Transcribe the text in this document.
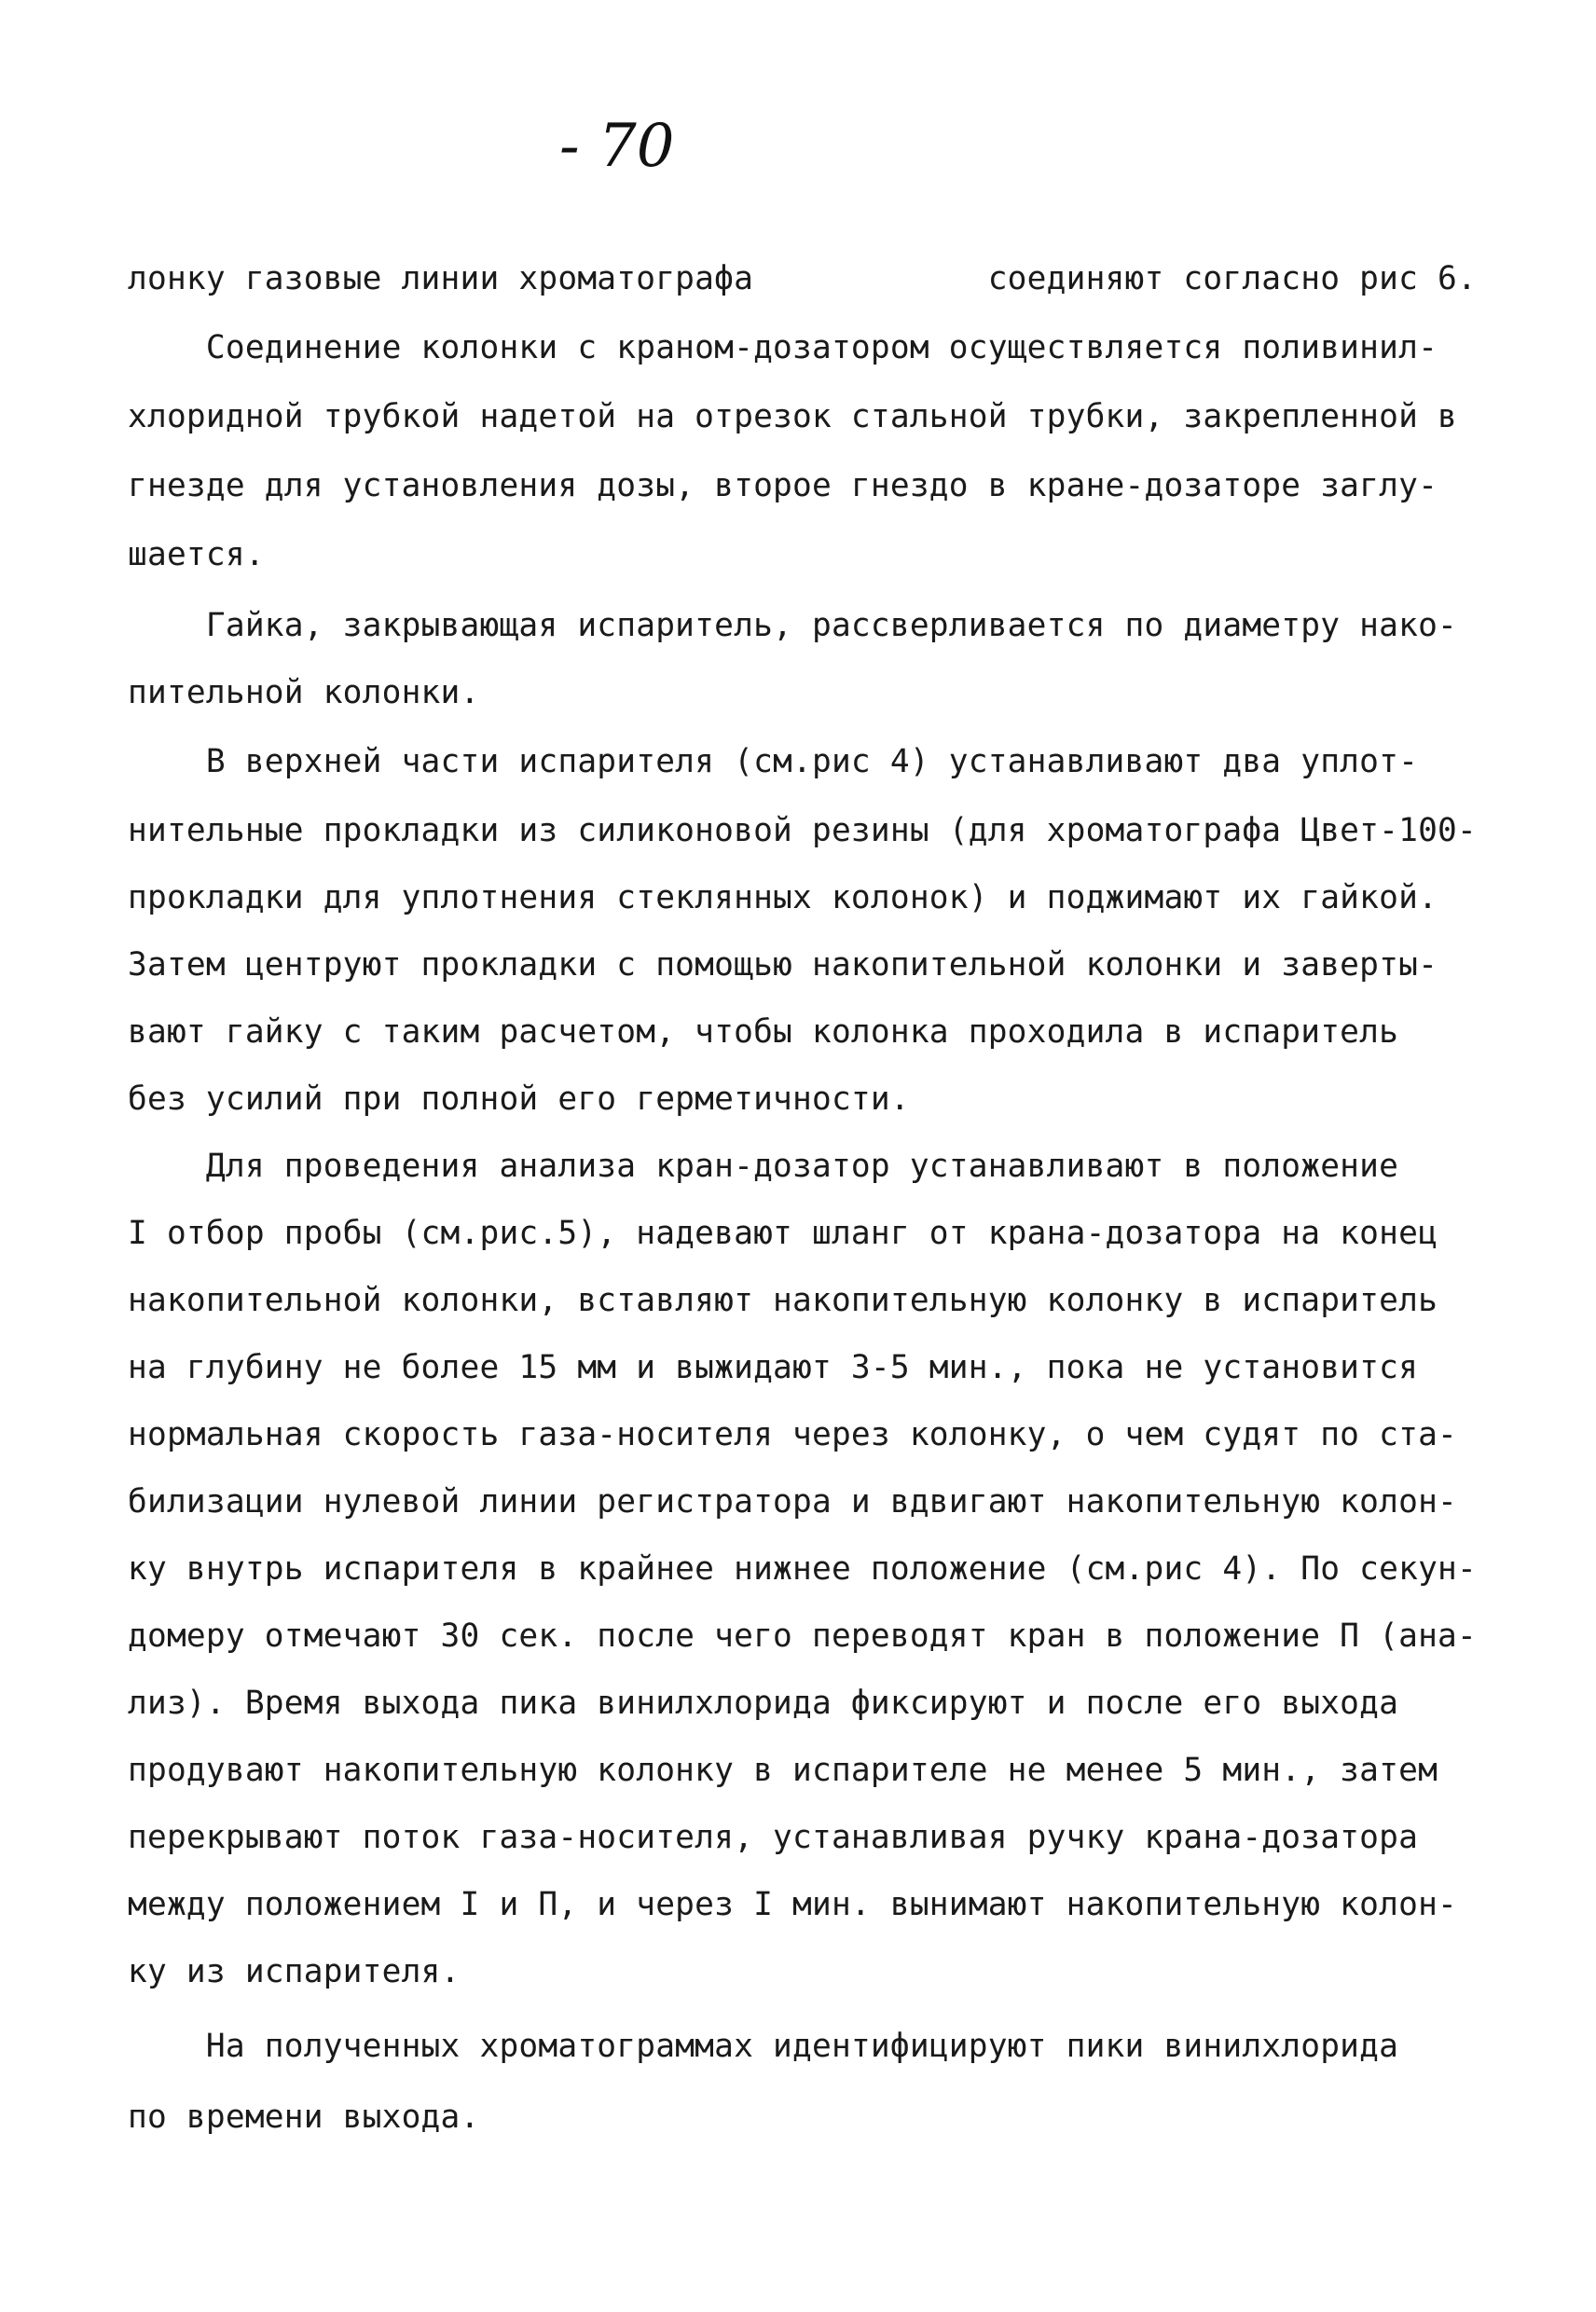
- 70
лонку газовые линии хроматографа            соединяют согласно рис 6.
Соединение колонки с краном-дозатором осуществляется поливинил-
хлоридной трубкой надетой на отрезок стальной трубки, закрепленной в
гнезде для установления дозы, второе гнездо в кране-дозаторе заглу-
шается.
Гайка, закрывающая испаритель, рассверливается по диаметру нако-
пительной колонки.
В верхней части испарителя (см.рис 4) устанавливают два уплот-
нительные прокладки из силиконовой резины (для хроматографа Цвет-100-
прокладки для уплотнения стеклянных колонок) и поджимают их гайкой.
Затем центруют прокладки с помощью накопительной колонки и заверты-
вают гайку с таким расчетом, чтобы колонка проходила в испаритель
без усилий при полной его герметичности.
Для проведения анализа кран-дозатор устанавливают в положение
I отбор пробы (см.рис.5), надевают шланг от крана-дозатора на конец
накопительной колонки, вставляют накопительную колонку в испаритель
на глубину не более 15 мм и выжидают 3-5 мин., пока не установится
нормальная скорость газа-носителя через колонку, о чем судят по ста-
билизации нулевой линии регистратора и вдвигают накопительную колон-
ку внутрь испарителя в крайнее нижнее положение (см.рис 4). По секун-
домеру отмечают 30 сек. после чего переводят кран в положение П (ана-
лиз). Время выхода пика винилхлорида фиксируют и после его выхода
продувают накопительную колонку в испарителе не менее 5 мин., затем
перекрывают поток газа-носителя, устанавливая ручку крана-дозатора
между положением I и П, и через I мин. вынимают накопительную колон-
ку из испарителя.
На полученных хроматограммах идентифицируют пики винилхлорида
по времени выхода.
